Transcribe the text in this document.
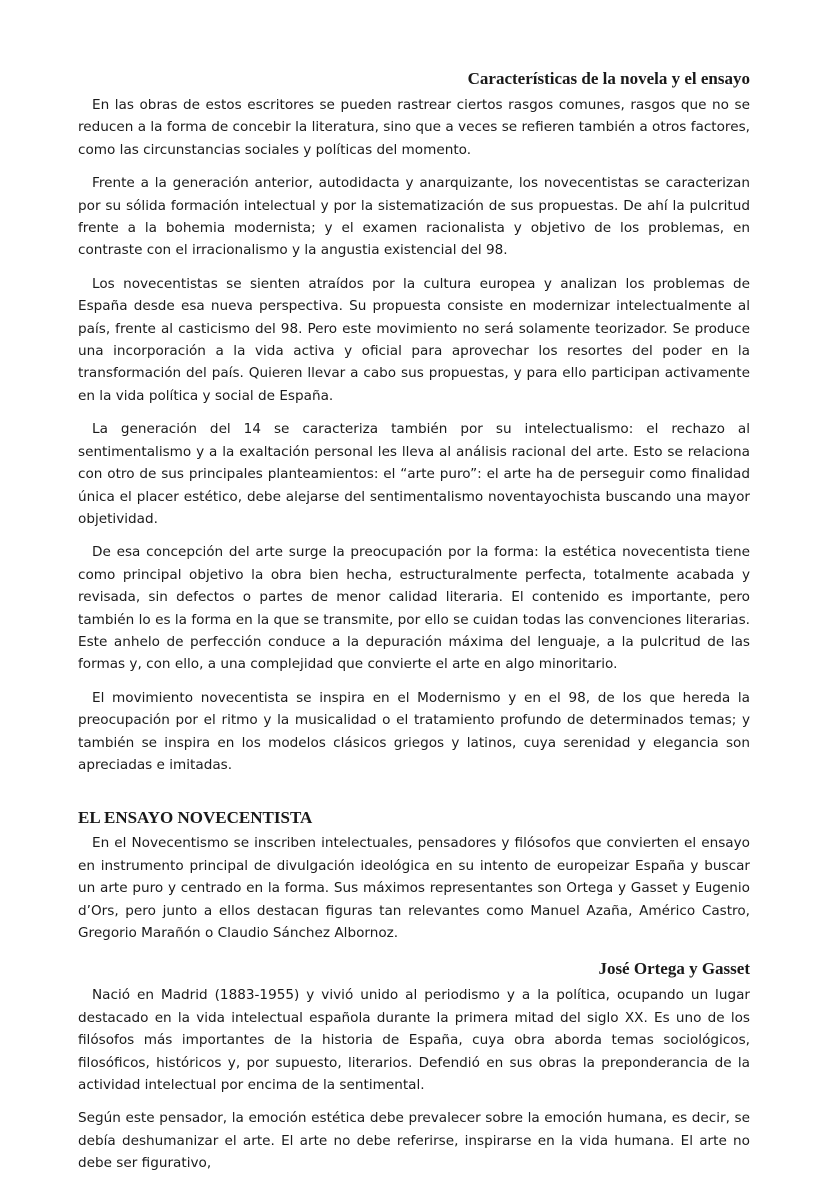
Características de la novela y el ensayo

En las obras de estos escritores se pueden rastrear ciertos rasgos comunes, rasgos que no se reducen a la forma de concebir la literatura, sino que a veces se refieren también a otros factores, como las circunstancias sociales y políticas del momento.

Frente a la generación anterior, autodidacta y anarquizante, los novecentistas se caracterizan por su sólida formación intelectual y por la sistematización de sus propuestas. De ahí la pulcritud frente a la bohemia modernista; y el examen racionalista y objetivo de los problemas, en contraste con el irracionalismo y la angustia existencial del 98.

Los novecentistas se sienten atraídos por la cultura europea y analizan los problemas de España desde esa nueva perspectiva. Su propuesta consiste en modernizar intelectualmente al país, frente al casticismo del 98. Pero este movimiento no será solamente teorizador. Se produce una incorporación a la vida activa y oficial para aprovechar los resortes del poder en la transformación del país. Quieren llevar a cabo sus propuestas, y para ello participan activamente en la vida política y social de España.

La generación del 14 se caracteriza también por su intelectualismo: el rechazo al sentimentalismo y a la exaltación personal les lleva al análisis racional del arte. Esto se relaciona con otro de sus principales planteamientos: el “arte puro”: el arte ha de perseguir como finalidad única el placer estético, debe alejarse del sentimentalismo noventayochista buscando una mayor objetividad.

De esa concepción del arte surge la preocupación por la forma: la estética novecentista tiene como principal objetivo la obra bien hecha, estructuralmente perfecta, totalmente acabada y revisada, sin defectos o partes de menor calidad literaria. El contenido es importante, pero también lo es la forma en la que se transmite, por ello se cuidan todas las convenciones literarias. Este anhelo de perfección conduce a la depuración máxima del lenguaje, a la pulcritud de las formas y, con ello, a una complejidad que convierte el arte en algo minoritario.

El movimiento novecentista se inspira en el Modernismo y en el 98, de los que hereda la preocupación por el ritmo y la musicalidad o el tratamiento profundo de determinados temas; y también se inspira en los modelos clásicos griegos y latinos, cuya serenidad y elegancia son apreciadas e imitadas.

EL ENSAYO NOVECENTISTA

En el Novecentismo se inscriben intelectuales, pensadores y filósofos que convierten el ensayo en instrumento principal de divulgación ideológica en su intento de europeizar España y buscar un arte puro y centrado en la forma. Sus máximos representantes son Ortega y Gasset y Eugenio d’Ors, pero junto a ellos destacan figuras tan relevantes como Manuel Azaña, Américo Castro, Gregorio Marañón o Claudio Sánchez Albornoz.

José Ortega y Gasset

Nació en Madrid (1883-1955) y vivió unido al periodismo y a la política, ocupando un lugar destacado en la vida intelectual española durante la primera mitad del siglo XX. Es uno de los filósofos más importantes de la historia de España, cuya obra aborda temas sociológicos, filosóficos, históricos y, por supuesto, literarios. Defendió en sus obras la preponderancia de la actividad intelectual por encima de la sentimental.

Según este pensador, la emoción estética debe prevalecer sobre la emoción humana, es decir, se debía deshumanizar el arte. El arte no debe referirse, inspirarse en la vida humana. El arte no debe ser figurativo,
